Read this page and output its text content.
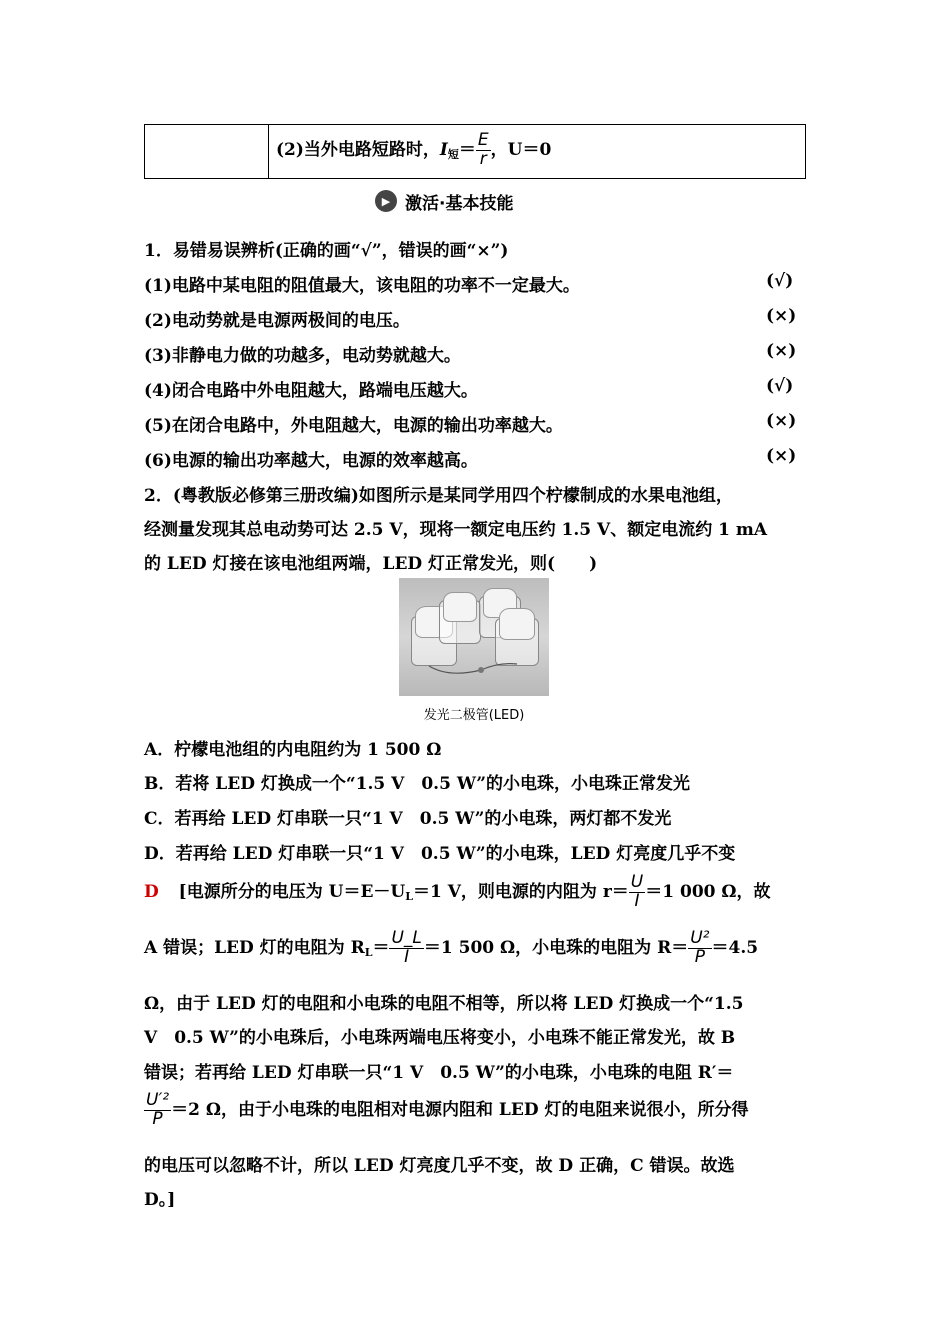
(2)当外电路短路时，$I_短= \frac{E}{r}$ ，U＝0
▶ 激活·基本技能
1．易错易误辨析(正确的画“√”，错误的画“×”)
(1)电路中某电阻的阻值最大，该电阻的功率不一定最大。	(√)
(2)电动势就是电源两极间的电压。	(×)
(3)非静电力做的功越多，电动势就越大。	(×)
(4)闭合电路中外电阻越大，路端电压越大。	(√)
(5)在闭合电路中，外电阻越大，电源的输出功率越大。	(×)
(6)电源的输出功率越大，电源的效率越高。	(×)
2．(粤教版必修第三册改编)如图所示是某同学用四个柠檬制成的水果电池组，
经测量发现其总电动势可达 2.5 V，现将一额定电压约 1.5 V、额定电流约 1 mA
的 LED 灯接在该电池组两端，LED 灯正常发光，则(　　)
发光二极管(LED)
A．柠檬电池组的内电阻约为 1 500 Ω
B．若将 LED 灯换成一个“1.5 V　0.5 W”的小电珠，小电珠正常发光
C．若再给 LED 灯串联一只“1 V　0.5 W”的小电珠，两灯都不发光
D．若再给 LED 灯串联一只“1 V　0.5 W”的小电珠，LED 灯亮度几乎不变
D [电源所分的电压为 $U=E-U_L=1$ V，则电源的内阻为 $r= \frac{U}{I} =1$ 000 Ω，故
A 错误；LED 灯的电阻为 $R_L= \frac{U\_L}{I} =1$ 500 Ω，小电珠的电阻为 $R= \frac{\text{U²}}{P} =4.5$
Ω，由于 LED 灯的电阻和小电珠的电阻不相等，所以将 LED 灯换成一个“1.5
V　0.5 W”的小电珠后，小电珠两端电压将变小，小电珠不能正常发光，故 B
错误；若再给 LED 灯串联一只“1 V　0.5 W”的小电珠，小电珠的电阻 R′＝
$\frac{\text{U′²}}{P} =2$ Ω，由于小电珠的电阻相对电源内阻和 LED 灯的电阻来说很小，所分得
的电压可以忽略不计，所以 LED 灯亮度几乎不变，故 D 正确，C 错误。故选
D。]
